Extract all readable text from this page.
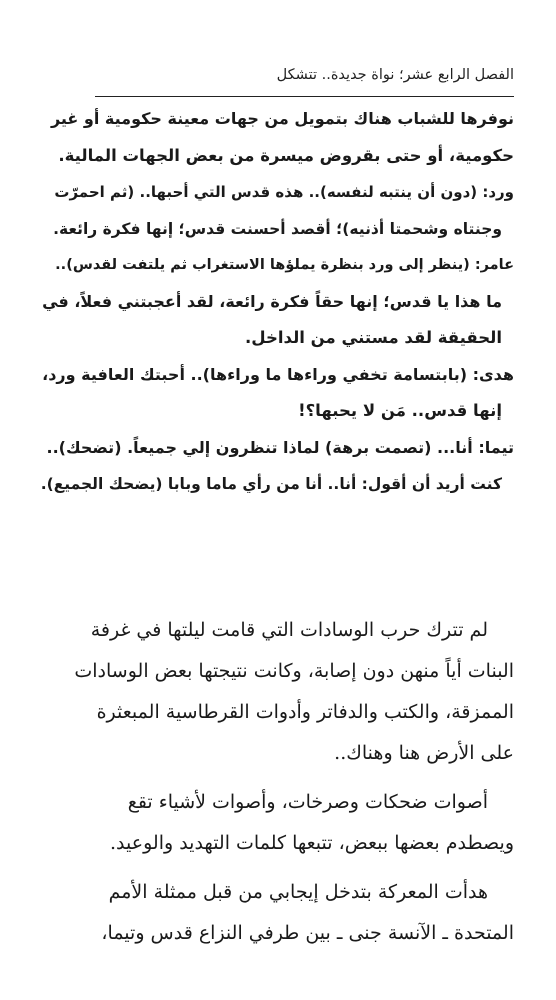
الفصل الرابع عشر؛ نواة جديدة.. تتشكل
نوفرها للشباب هناك بتمويل من جهات معينة حكومية أو غير
حكومية، أو حتى بقروض ميسرة من بعض الجهات المالية.
ورد: (دون أن ينتبه لنفسه).. هذه قدس التي أحبها.. (ثم احمرّت
وجنتاه وشحمتا أذنيه)؛ أقصد أحسنت قدس؛ إنها فكرة رائعة.
عامر: (ينظر إلى ورد بنظرة يملؤها الاستغراب ثم يلتفت لقدس)..
ما هذا يا قدس؛ إنها حقاً فكرة رائعة، لقد أعجبتني فعلاً، في
الحقيقة لقد مستني من الداخل.
هدى: (بابتسامة تخفي وراءها ما وراءها).. أحبتك العافية ورد،
إنها قدس.. مَن لا يحبها؟!
تيما: أنا... (تصمت برهة) لماذا تنظرون إلي جميعاً. (تضحك)..
كنت أريد أن أقول: أنا.. أنا من رأي ماما وبابا (يضحك الجميع).
لم تترك حرب الوسادات التي قامت ليلتها في غرفة
البنات أياً منهن دون إصابة، وكانت نتيجتها بعض الوسادات
الممزقة، والكتب والدفاتر وأدوات القرطاسية المبعثرة
على الأرض هنا وهناك..
أصوات ضحكات وصرخات، وأصوات لأشياء تقع
ويصطدم بعضها ببعض، تتبعها كلمات التهديد والوعيد.
هدأت المعركة بتدخل إيجابي من قبل ممثلة الأمم
المتحدة ـ الآنسة جنى ـ بين طرفي النزاع قدس وتيما،
